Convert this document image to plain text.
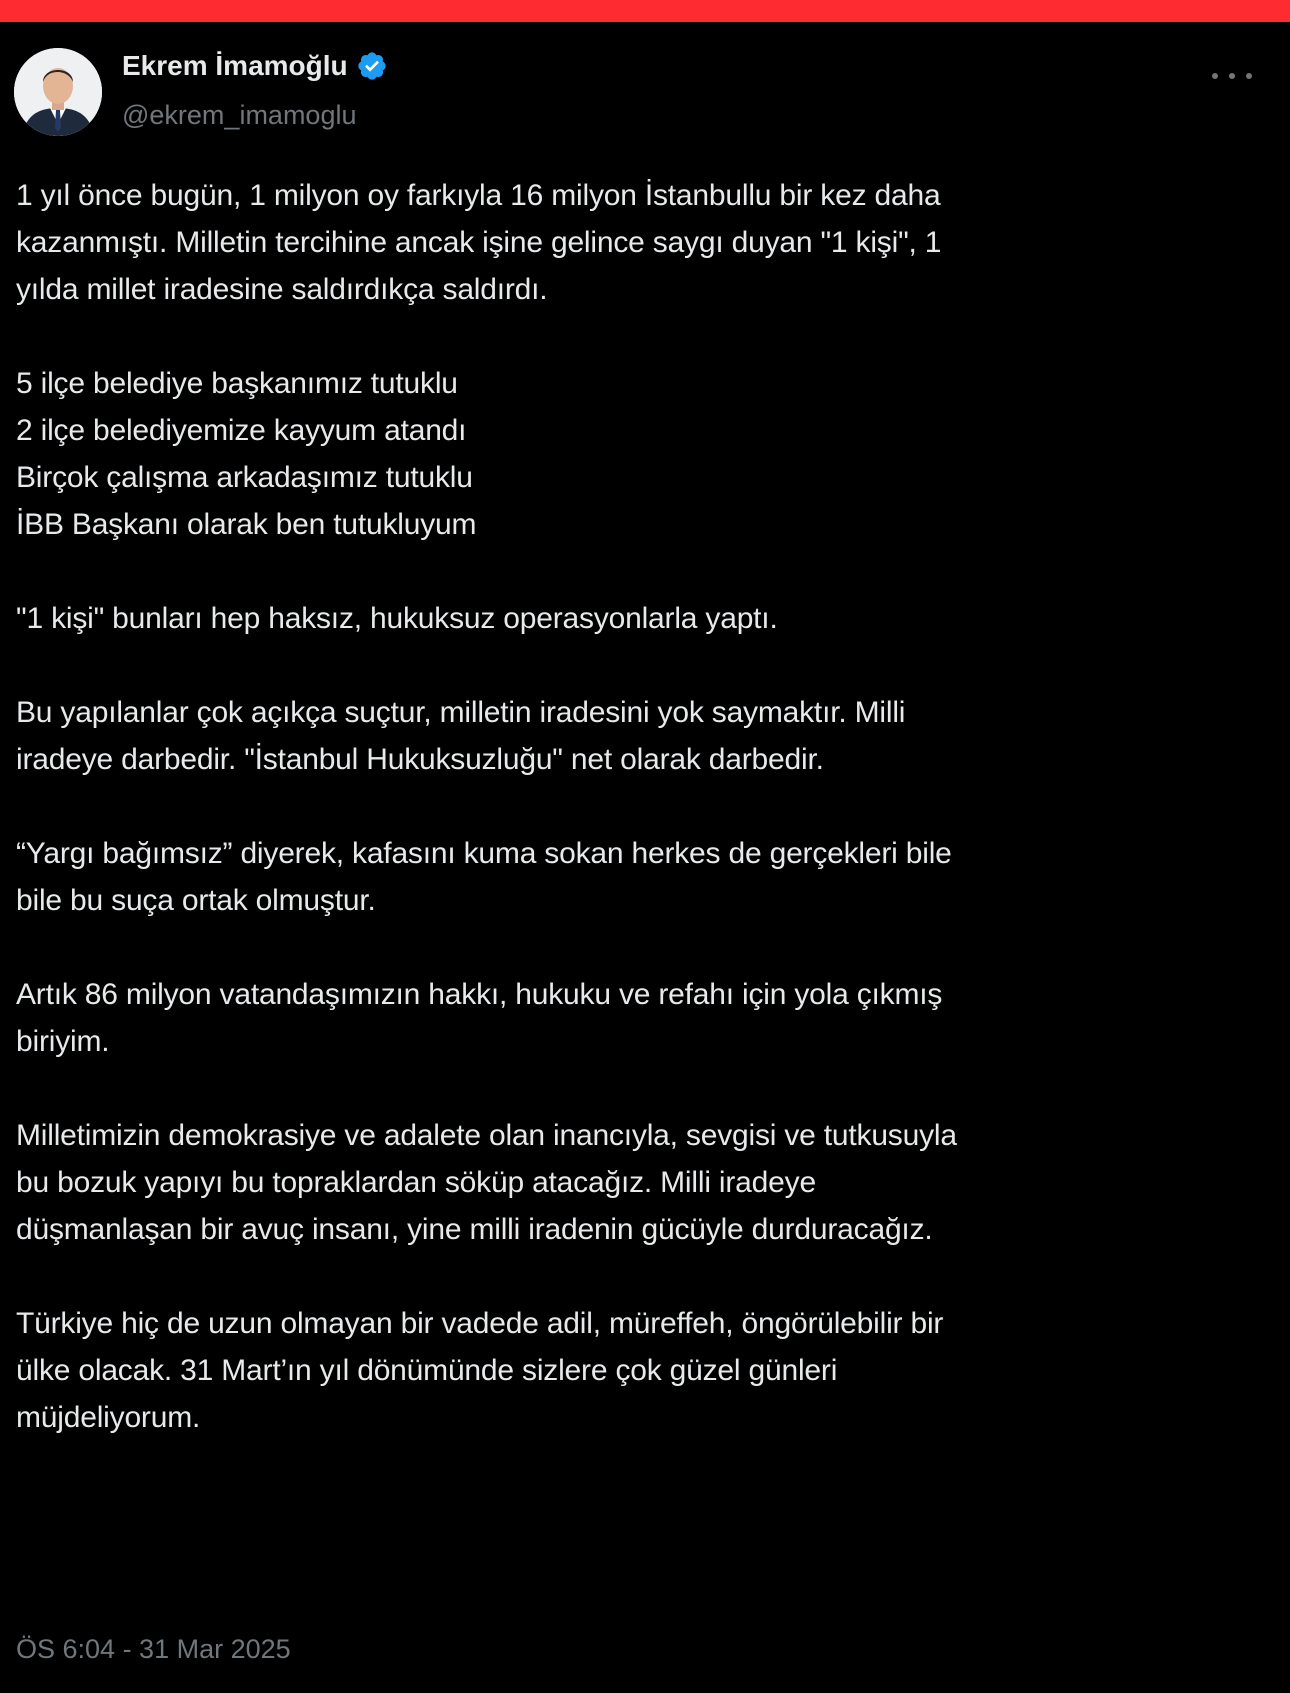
Ekrem İmamoğlu
@ekrem_imamoglu

1 yıl önce bugün, 1 milyon oy farkıyla 16 milyon İstanbullu bir kez daha
kazanmıştı. Milletin tercihine ancak işine gelince saygı duyan "1 kişi", 1
yılda millet iradesine saldırdıkça saldırdı.

5 ilçe belediye başkanımız tutuklu
2 ilçe belediyemize kayyum atandı
Birçok çalışma arkadaşımız tutuklu
İBB Başkanı olarak ben tutukluyum

"1 kişi" bunları hep haksız, hukuksuz operasyonlarla yaptı.

Bu yapılanlar çok açıkça suçtur, milletin iradesini yok saymaktır. Milli
iradeye darbedir. "İstanbul Hukuksuzluğu" net olarak darbedir.

“Yargı bağımsız” diyerek, kafasını kuma sokan herkes de gerçekleri bile
bile bu suça ortak olmuştur.

Artık 86 milyon vatandaşımızın hakkı, hukuku ve refahı için yola çıkmış
biriyim.

Milletimizin demokrasiye ve adalete olan inancıyla, sevgisi ve tutkusuyla
bu bozuk yapıyı bu topraklardan söküp atacağız. Milli iradeye
düşmanlaşan bir avuç insanı, yine milli iradenin gücüyle durduracağız.

Türkiye hiç de uzun olmayan bir vadede adil, müreffeh, öngörülebilir bir
ülke olacak. 31 Mart’ın yıl dönümünde sizlere çok güzel günleri
müjdeliyorum.

ÖS 6:04 - 31 Mar 2025
